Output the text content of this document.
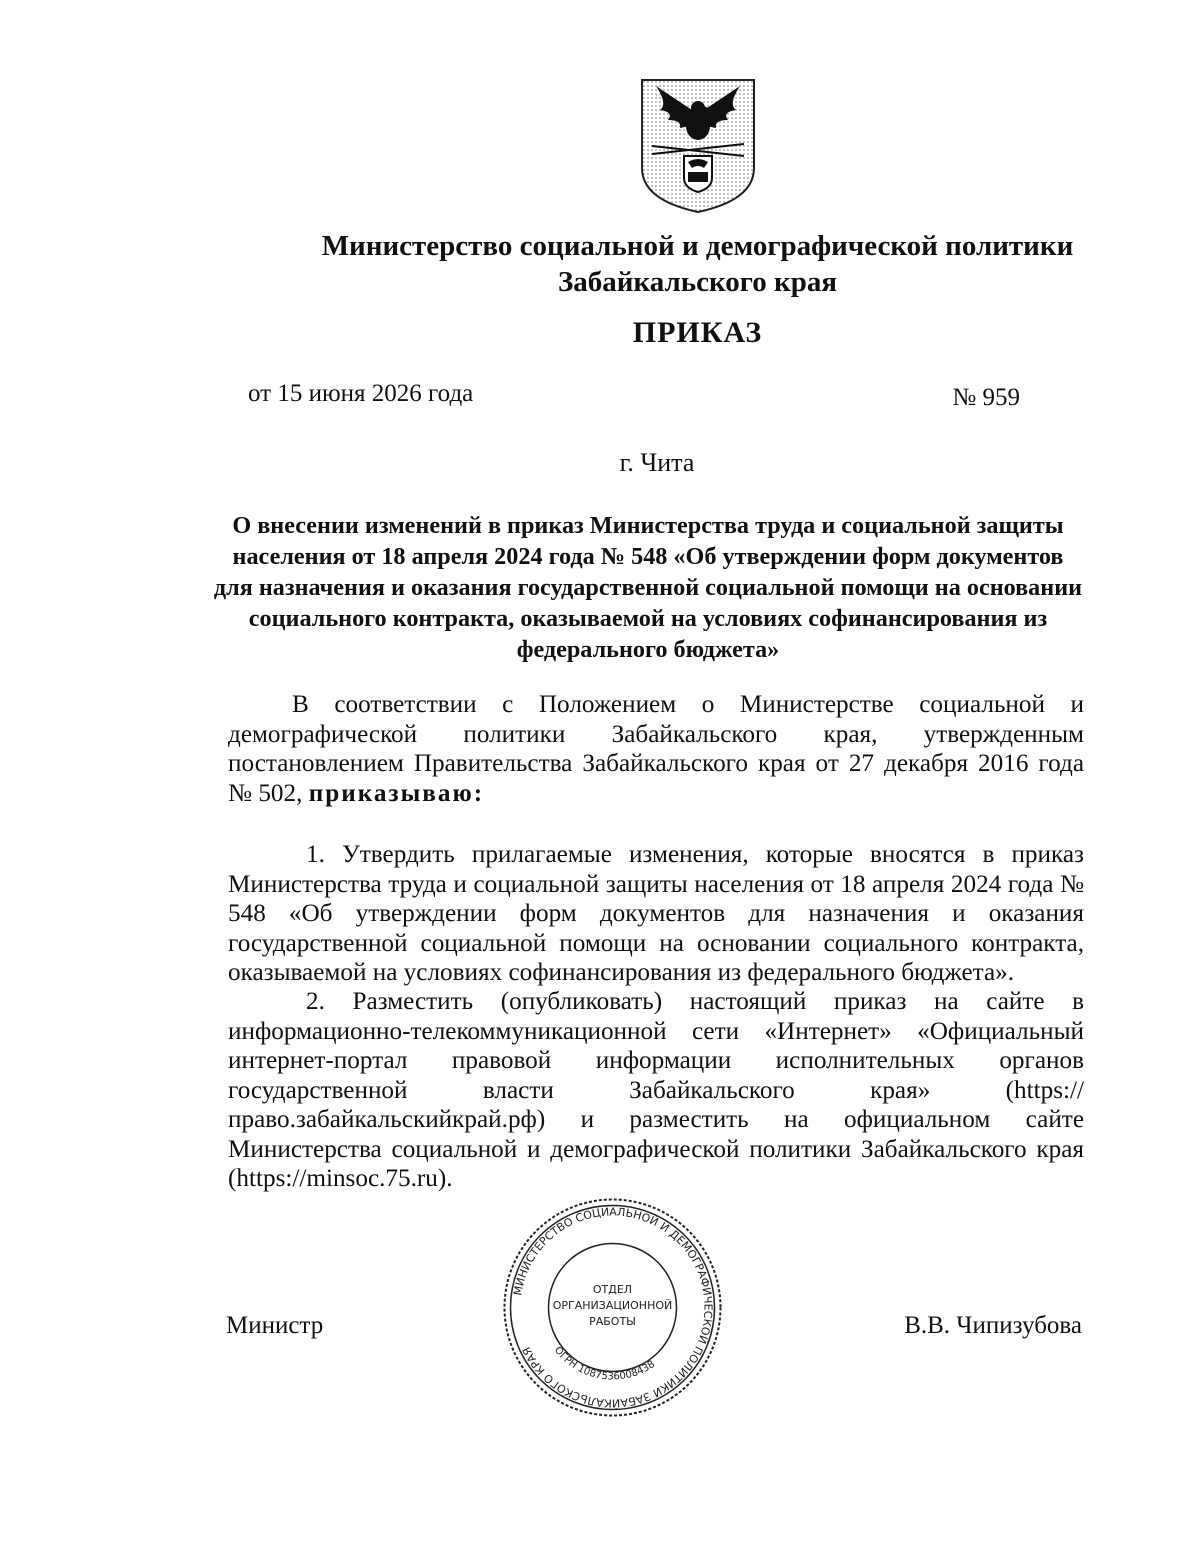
Министерство социальной и демографической политики
Забайкальского края
ПРИКАЗ
от 15 июня 2026 года	№ 959
г. Чита
О внесении изменений в приказ Министерства труда и социальной защиты населения от 18 апреля 2024 года № 548 «Об утверждении форм документов для назначения и оказания государственной социальной помощи на основании социального контракта, оказываемой на условиях софинансирования из федерального бюджета»
В соответствии с Положением о Министерстве социальной и демографической политики Забайкальского края, утвержденным постановлением Правительства Забайкальского края от 27 декабря 2016 года № 502, приказываю:
1. Утвердить прилагаемые изменения, которые вносятся в приказ Министерства труда и социальной защиты населения от 18 апреля 2024 года № 548 «Об утверждении форм документов для назначения и оказания государственной социальной помощи на основании социального контракта, оказываемой на условиях софинансирования из федерального бюджета».
2. Разместить (опубликовать) настоящий приказ на сайте в информационно-телекоммуникационной сети «Интернет» «Официальный интернет-портал правовой информации исполнительных органов государственной власти Забайкальского края» (https://право.забайкальскийкрай.рф) и разместить на официальном сайте Министерства социальной и демографической политики Забайкальского края (https://minsoc.75.ru).
Министр	В.В. Чипизубова
МИНИСТЕРСТВО СОЦИАЛЬНОЙ И ДЕМОГРАФИЧЕСКОЙ ПОЛИТИКИ ЗАБАЙКАЛЬСКОГО КРАЯ	ОГРН 1087536008438
ОТДЕЛ
ОРГАНИЗАЦИОННОЙ
РАБОТЫ
